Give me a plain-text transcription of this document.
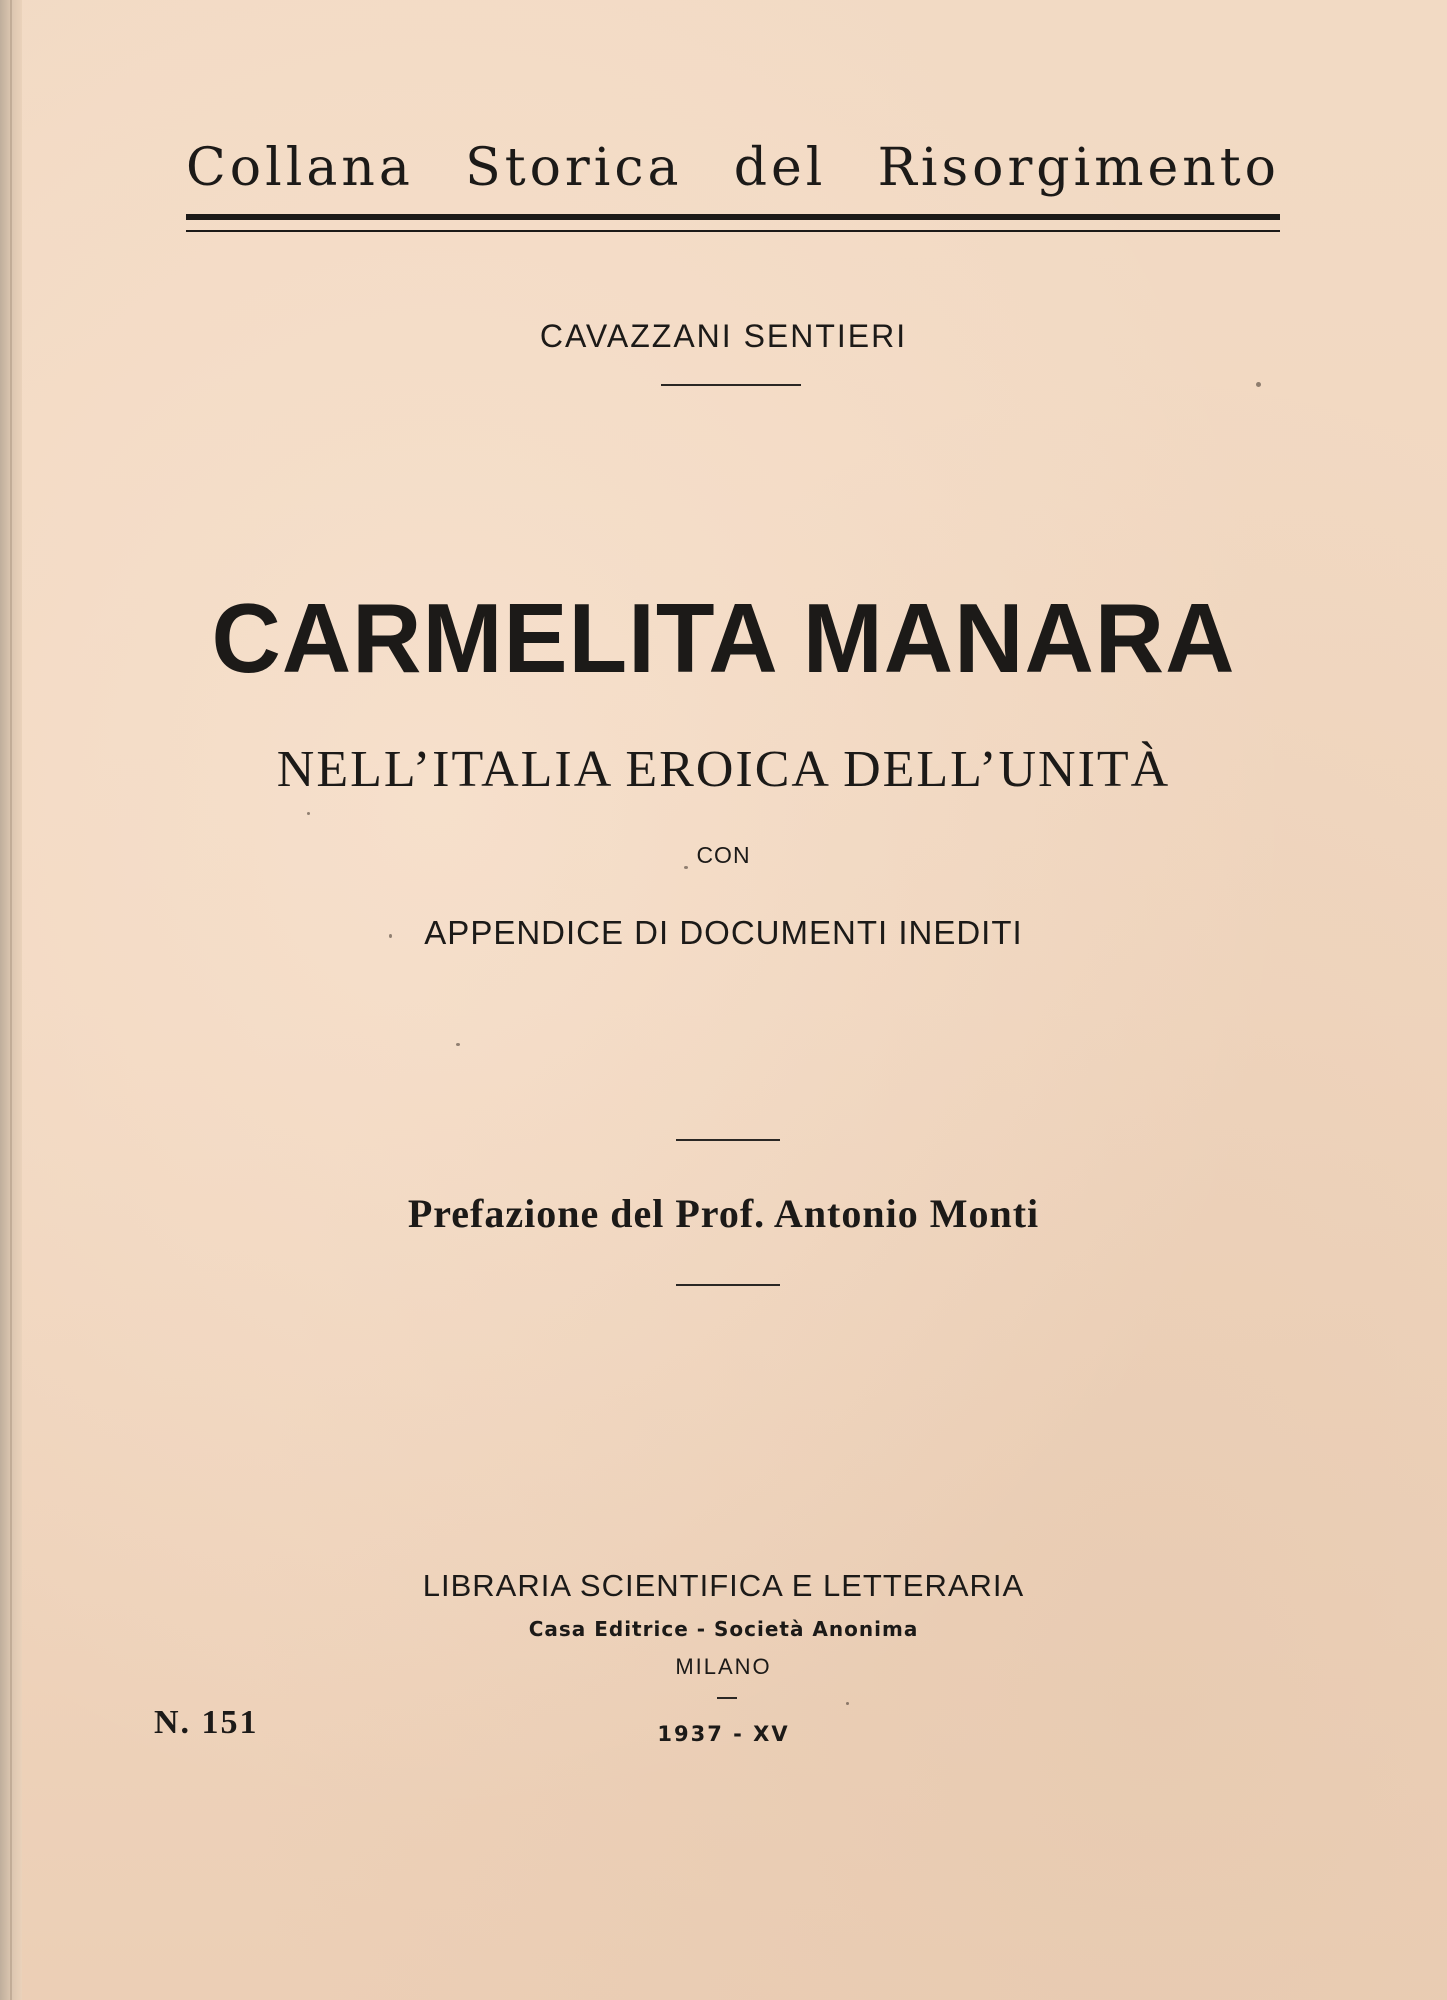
Collana Storica del Risorgimento

CAVAZZANI SENTIERI

CARMELITA MANARA

NELL’ITALIA EROICA DELL’UNITÀ

CON

APPENDICE DI DOCUMENTI INEDITI

Prefazione del Prof. Antonio Monti

LIBRARIA SCIENTIFICA E LETTERARIA

Casa Editrice - Società Anonima

MILANO

1937 - XV

N. 151
